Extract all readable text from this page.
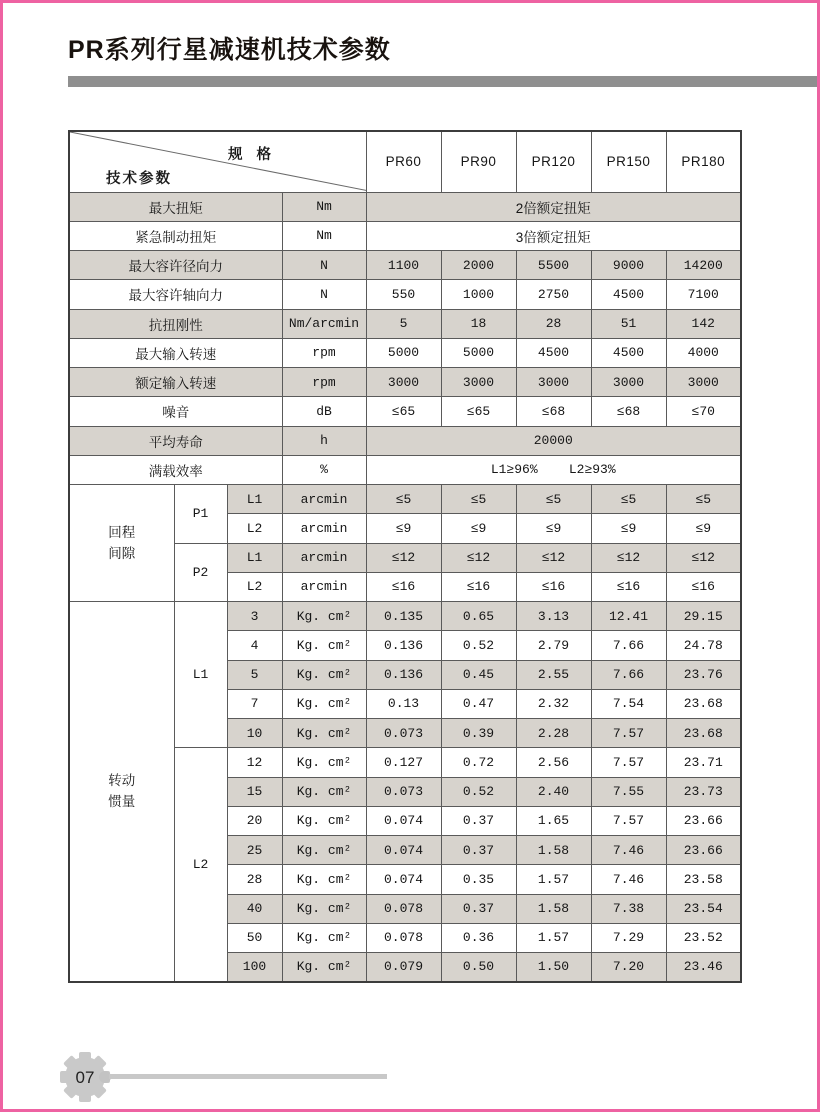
PR系列行星减速机技术参数
规 格
技术参数				PR60	PR90	PR120	PR150	PR180
最大扭矩			Nm	2倍额定扭矩				
紧急制动扭矩			Nm	3倍额定扭矩				
最大容许径向力			N	1100	2000	5500	9000	14200
最大容许轴向力			N	550	1000	2750	4500	7100
抗扭刚性			Nm/arcmin	5	18	28	51	142
最大输入转速			rpm	5000	5000	4500	4500	4000
额定输入转速			rpm	3000	3000	3000	3000	3000
噪音			dB	≤65	≤65	≤68	≤68	≤70
平均寿命			h	20000				
满载效率			%	L1≥96%    L2≥93%				

回程
间隙	P1	L1	arcmin	≤5	≤5	≤5	≤5	≤5
		L2	arcmin	≤9	≤9	≤9	≤9	≤9
	P2	L1	arcmin	≤12	≤12	≤12	≤12	≤12
		L2	arcmin	≤16	≤16	≤16	≤16	≤16

转动
惯量	L1	3	Kg. cm²	0.135	0.65	3.13	12.41	29.15
		4	Kg. cm²	0.136	0.52	2.79	7.66	24.78
		5	Kg. cm²	0.136	0.45	2.55	7.66	23.76
		7	Kg. cm²	0.13	0.47	2.32	7.54	23.68
		10	Kg. cm²	0.073	0.39	2.28	7.57	23.68
	L2	12	Kg. cm²	0.127	0.72	2.56	7.57	23.71
		15	Kg. cm²	0.073	0.52	2.40	7.55	23.73
		20	Kg. cm²	0.074	0.37	1.65	7.57	23.66
		25	Kg. cm²	0.074	0.37	1.58	7.46	23.66
		28	Kg. cm²	0.074	0.35	1.57	7.46	23.58
		40	Kg. cm²	0.078	0.37	1.58	7.38	23.54
		50	Kg. cm²	0.078	0.36	1.57	7.29	23.52
		100	Kg. cm²	0.079	0.50	1.50	7.20	23.46
07
